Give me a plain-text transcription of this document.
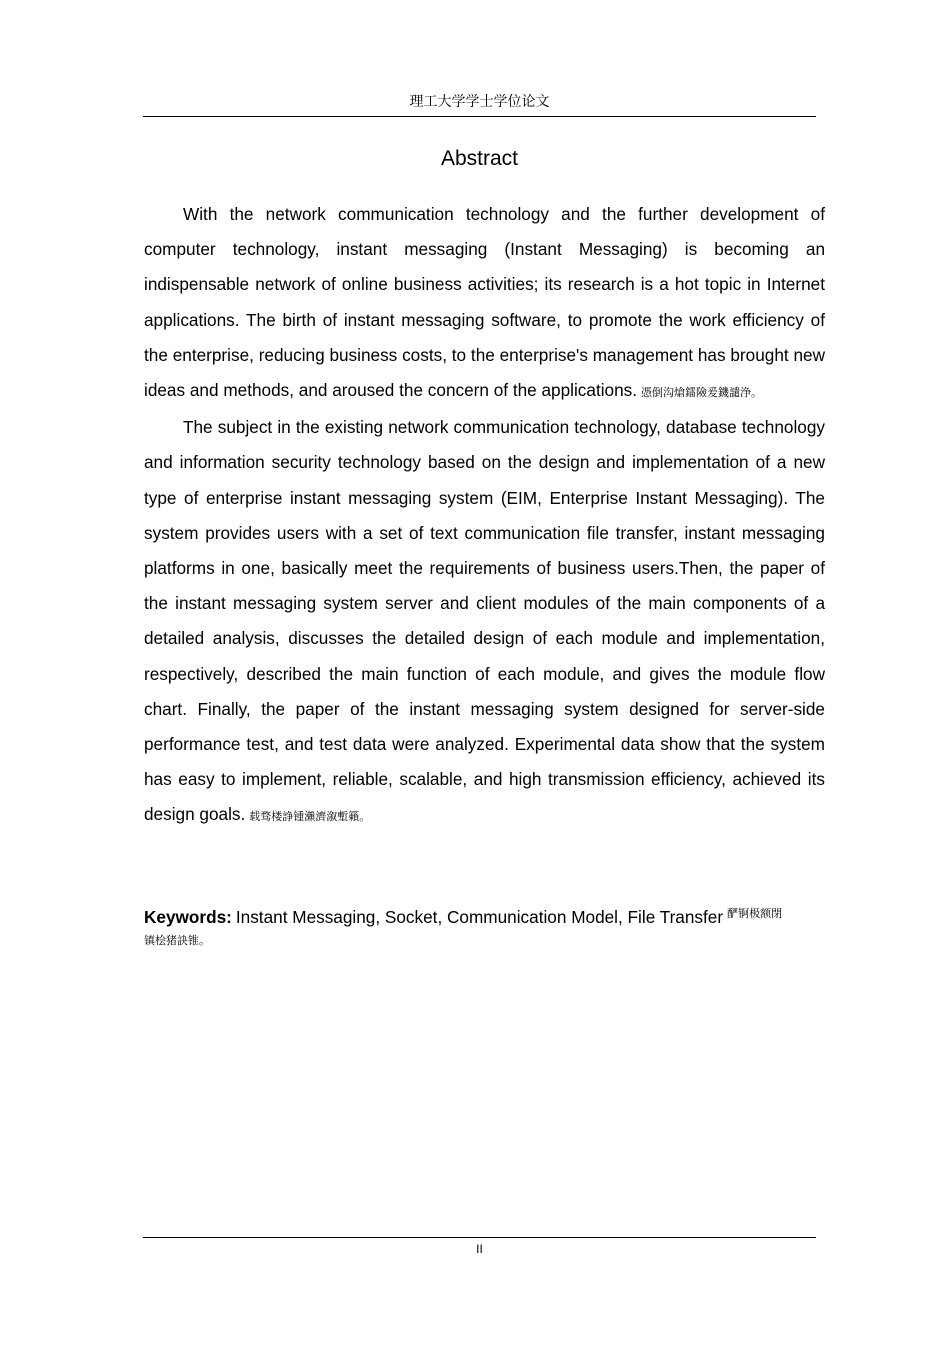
理工大学学士学位论文
Abstract

With the network communication technology and the further development of computer technology, instant messaging (Instant Messaging) is becoming an indispensable network of online business activities; its research is a hot topic in Internet applications. The birth of instant messaging software, to promote the work efficiency of the enterprise, reducing business costs, to the enterprise's management has brought new ideas and methods, and aroused the concern of the applications. 憑倒沟熗鐳險爰鐖譴浄。

The subject in the existing network communication technology, database technology and information security technology based on the design and implementation of a new type of enterprise instant messaging system (EIM, Enterprise Instant Messaging). The system provides users with a set of text communication file transfer, instant messaging platforms in one, basically meet the requirements of business users.Then, the paper of the instant messaging system server and client modules of the main components of a detailed analysis, discusses the detailed design of each module and implementation, respectively, described the main function of each module, and gives the module flow chart. Finally, the paper of the instant messaging system designed for server-side performance test, and test data were analyzed. Experimental data show that the system has easy to implement, reliable, scalable, and high transmission efficiency, achieved its design goals. 载骛楼諍锺瀨濟溆塹籟。

Keywords: Instant Messaging, Socket, Communication Model, File Transfer $^{酽锕极额閉}$
镇桧猪訣锥。
II
